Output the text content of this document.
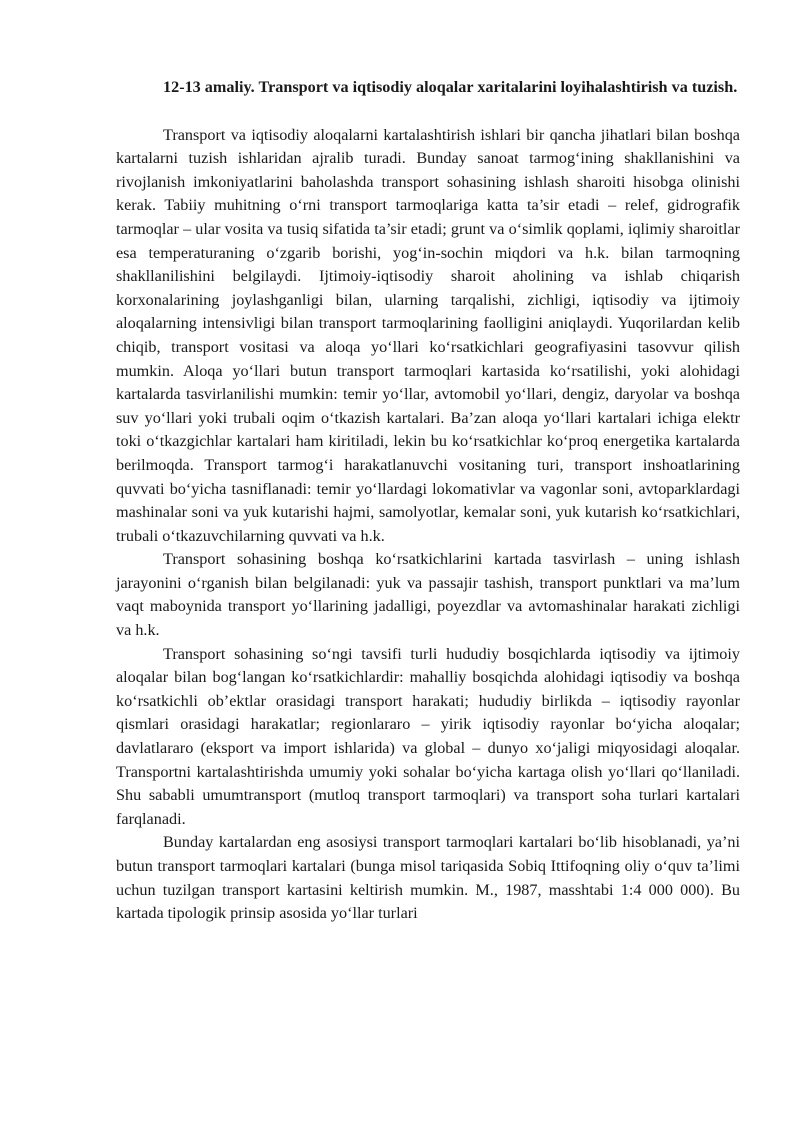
12-13 amaliy. Transport va iqtisodiy aloqalar xaritalarini loyihalashtirish va tuzish.

Transport va iqtisodiy aloqalarni kartalashtirish ishlari bir qancha jihatlari bilan boshqa kartalarni tuzish ishlaridan ajralib turadi. Bunday sanoat tarmog‘ining shakllanishini va rivojlanish imkoniyatlarini baholashda transport sohasining ishlash sharoiti hisobga olinishi kerak. Tabiiy muhitning o‘rni transport tarmoqlariga katta ta’sir etadi – relef, gidrografik tarmoqlar – ular vosita va tusiq sifatida ta’sir etadi; grunt va o‘simlik qoplami, iqlimiy sharoitlar esa temperaturaning o‘zgarib borishi, yog‘in-sochin miqdori va h.k. bilan tarmoqning shakllanilishini belgilaydi. Ijtimoiy-iqtisodiy sharoit aholining va ishlab chiqarish korxonalarining joylashganligi bilan, ularning tarqalishi, zichligi, iqtisodiy va ijtimoiy aloqalarning intensivligi bilan transport tarmoqlarining faolligini aniqlaydi. Yuqorilardan kelib chiqib, transport vositasi va aloqa yo‘llari ko‘rsatkichlari geografiyasini tasovvur qilish mumkin. Aloqa yo‘llari butun transport tarmoqlari kartasida ko‘rsatilishi, yoki alohidagi kartalarda tasvirlanilishi mumkin: temir yo‘llar, avtomobil yo‘llari, dengiz, daryolar va boshqa suv yo‘llari yoki trubali oqim o‘tkazish kartalari. Ba’zan aloqa yo‘llari kartalari ichiga elektr toki o‘tkazgichlar kartalari ham kiritiladi, lekin bu ko‘rsatkichlar ko‘proq energetika kartalarda berilmoqda. Transport tarmog‘i harakatlanuvchi vositaning turi, transport inshoatlarining quvvati bo‘yicha tasniflanadi: temir yo‘llardagi lokomativlar va vagonlar soni, avtoparklardagi mashinalar soni va yuk kutarishi hajmi, samolyotlar, kemalar soni, yuk kutarish ko‘rsatkichlari, trubali o‘tkazuvchilarning quvvati va h.k.

Transport sohasining boshqa ko‘rsatkichlarini kartada tasvirlash – uning ishlash jarayonini o‘rganish bilan belgilanadi: yuk va passajir tashish, transport punktlari va ma’lum vaqt maboynida transport yo‘llarining jadalligi, poyezdlar va avtomashinalar harakati zichligi va h.k.

Transport sohasining so‘ngi tavsifi turli hududiy bosqichlarda iqtisodiy va ijtimoiy aloqalar bilan bog‘langan ko‘rsatkichlardir: mahalliy bosqichda alohidagi iqtisodiy va boshqa ko‘rsatkichli ob’ektlar orasidagi transport harakati; hududiy birlikda – iqtisodiy rayonlar qismlari orasidagi harakatlar; regionlararo – yirik iqtisodiy rayonlar bo‘yicha aloqalar; davlatlararo (eksport va import ishlarida) va global – dunyo xo‘jaligi miqyosidagi aloqalar. Transportni kartalashtirishda umumiy yoki sohalar bo‘yicha kartaga olish yo‘llari qo‘llaniladi. Shu sababli umumtransport (mutloq transport tarmoqlari) va transport soha turlari kartalari farqlanadi.

Bunday kartalardan eng asosiysi transport tarmoqlari kartalari bo‘lib hisoblanadi, ya’ni butun transport tarmoqlari kartalari (bunga misol tariqasida Sobiq Ittifoqning oliy o‘quv ta’limi uchun tuzilgan transport kartasini keltirish mumkin. M., 1987, masshtabi 1:4 000 000). Bu kartada tipologik prinsip asosida yo‘llar turlari
